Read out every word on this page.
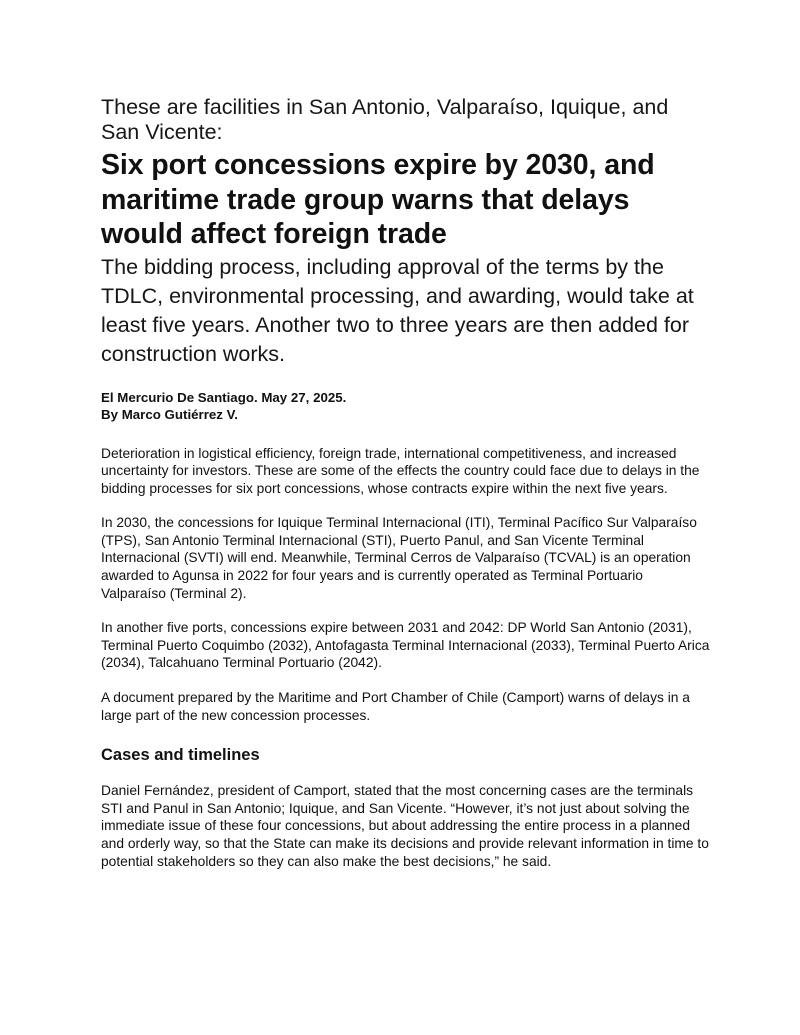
These are facilities in San Antonio, Valparaíso, Iquique, and San Vicente:
Six port concessions expire by 2030, and maritime trade group warns that delays would affect foreign trade

The bidding process, including approval of the terms by the TDLC, environmental processing, and awarding, would take at least five years. Another two to three years are then added for construction works.

El Mercurio De Santiago. May 27, 2025.
By Marco Gutiérrez V.

Deterioration in logistical efficiency, foreign trade, international competitiveness, and increased uncertainty for investors. These are some of the effects the country could face due to delays in the bidding processes for six port concessions, whose contracts expire within the next five years.

In 2030, the concessions for Iquique Terminal Internacional (ITI), Terminal Pacífico Sur Valparaíso (TPS), San Antonio Terminal Internacional (STI), Puerto Panul, and San Vicente Terminal Internacional (SVTI) will end. Meanwhile, Terminal Cerros de Valparaíso (TCVAL) is an operation awarded to Agunsa in 2022 for four years and is currently operated as Terminal Portuario Valparaíso (Terminal 2).

In another five ports, concessions expire between 2031 and 2042: DP World San Antonio (2031), Terminal Puerto Coquimbo (2032), Antofagasta Terminal Internacional (2033), Terminal Puerto Arica (2034), Talcahuano Terminal Portuario (2042).

A document prepared by the Maritime and Port Chamber of Chile (Camport) warns of delays in a large part of the new concession processes.

Cases and timelines

Daniel Fernández, president of Camport, stated that the most concerning cases are the terminals STI and Panul in San Antonio; Iquique, and San Vicente. “However, it’s not just about solving the immediate issue of these four concessions, but about addressing the entire process in a planned and orderly way, so that the State can make its decisions and provide relevant information in time to potential stakeholders so they can also make the best decisions,” he said.
